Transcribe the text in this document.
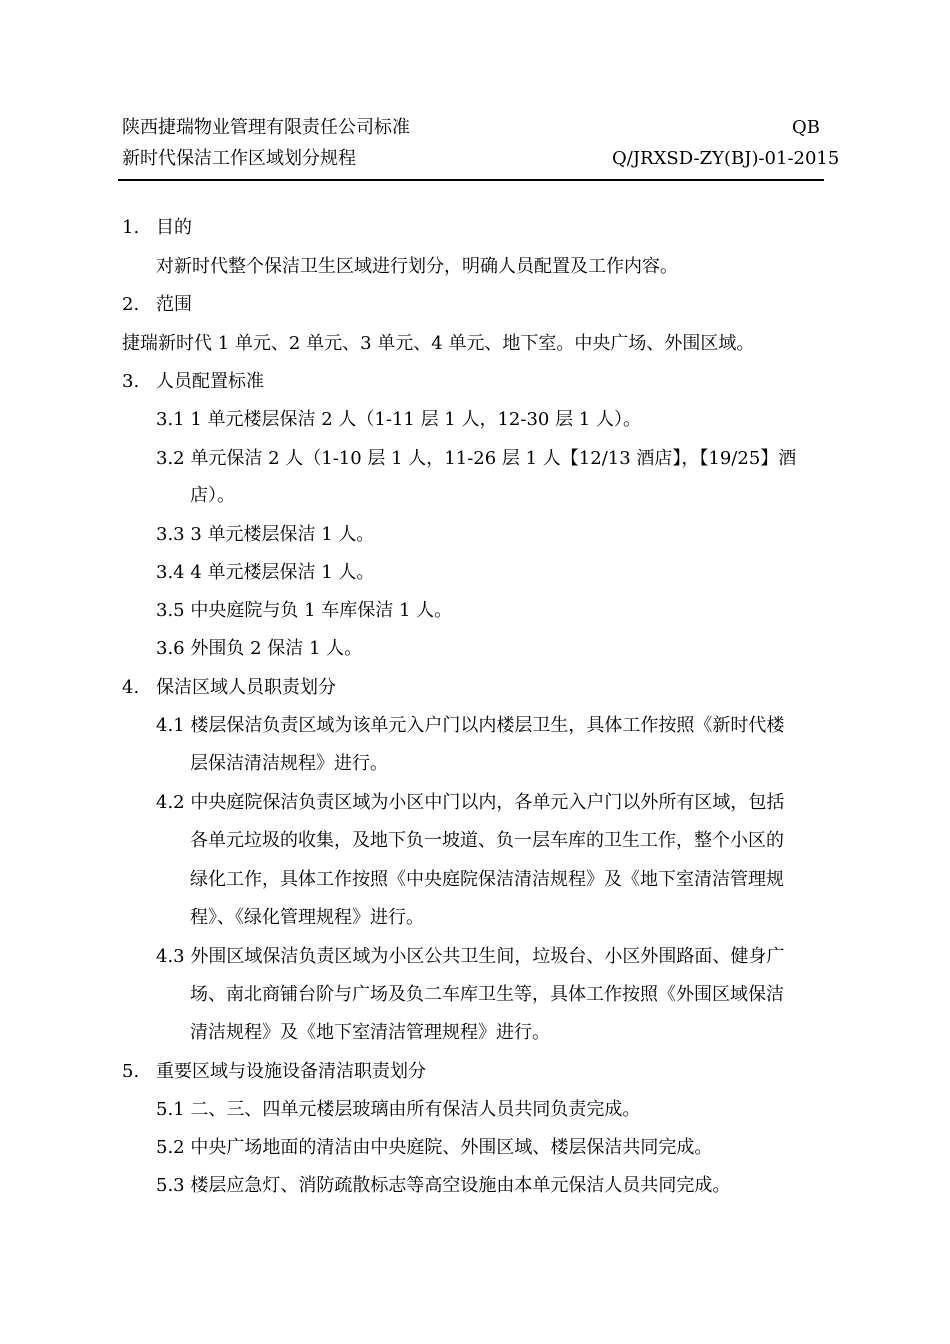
陕西捷瑞物业管理有限责任公司标准	QB
新时代保洁工作区域划分规程	Q/JRXSD-ZY(BJ)-01-2015
1. 目的
对新时代整个保洁卫生区域进行划分，明确人员配置及工作内容。
2. 范围
捷瑞新时代 1 单元、2 单元、3 单元、4 单元、地下室。中央广场、外围区域。
3. 人员配置标准
3.1 1 单元楼层保洁 2 人（1-11 层 1 人，12-30 层 1 人）。
3.2 单元保洁 2 人（1-10 层 1 人，11-26 层 1 人【12/13 酒店】，【19/25】酒
店）。
3.3 3 单元楼层保洁 1 人。
3.4 4 单元楼层保洁 1 人。
3.5 中央庭院与负 1 车库保洁 1 人。
3.6 外围负 2 保洁 1 人。
4. 保洁区域人员职责划分
4.1 楼层保洁负责区域为该单元入户门以内楼层卫生，具体工作按照《新时代楼
层保洁清洁规程》进行。
4.2 中央庭院保洁负责区域为小区中门以内，各单元入户门以外所有区域，包括
各单元垃圾的收集，及地下负一坡道、负一层车库的卫生工作，整个小区的
绿化工作，具体工作按照《中央庭院保洁清洁规程》及《地下室清洁管理规
程》、《绿化管理规程》进行。
4.3 外围区域保洁负责区域为小区公共卫生间，垃圾台、小区外围路面、健身广
场、南北商铺台阶与广场及负二车库卫生等，具体工作按照《外围区域保洁
清洁规程》及《地下室清洁管理规程》进行。
5. 重要区域与设施设备清洁职责划分
5.1 二、三、四单元楼层玻璃由所有保洁人员共同负责完成。
5.2 中央广场地面的清洁由中央庭院、外围区域、楼层保洁共同完成。
5.3 楼层应急灯、消防疏散标志等高空设施由本单元保洁人员共同完成。
